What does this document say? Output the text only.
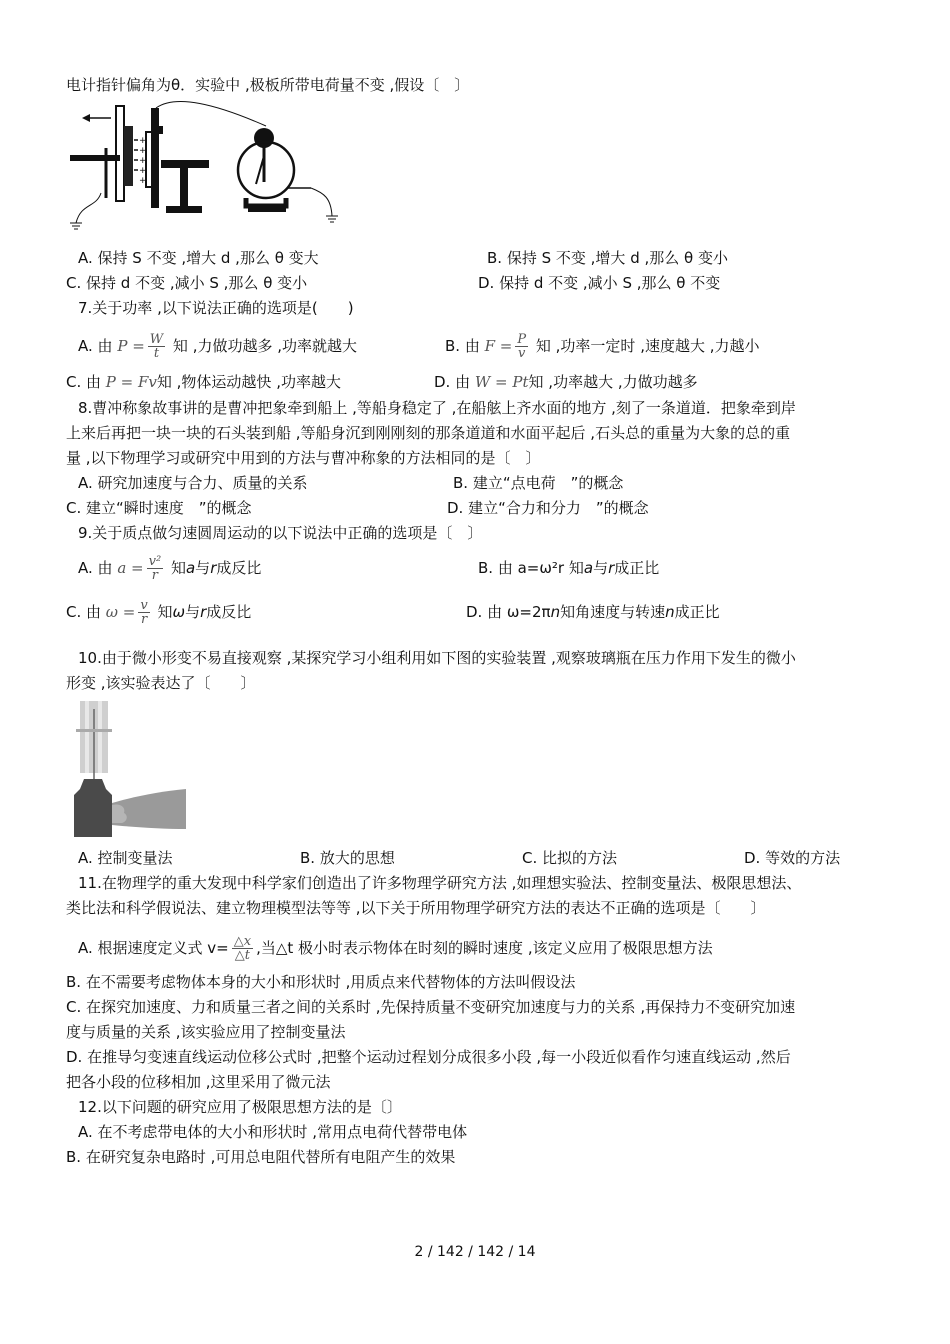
电计指针偏角为θ．实验中 ,极板所带电荷量不变 ,假设〔　〕
+
+
+
+
+
A. 保持 S 不变 ,增大 d ,那么 θ 变大	B. 保持 S 不变 ,增大 d ,那么 θ 变小
C. 保持 d 不变 ,减小 S ,那么 θ 变小	D. 保持 d 不变 ,减小 S ,那么 θ 不变
7.关于功率 ,以下说法正确的选项是(　　)
A. 由 $P = \frac{W}{t}$ 知 ,力做功越多 ,功率就越大	B. 由 $F = \frac{P}{v}$ 知 ,功率一定时 ,速度越大 ,力越小
C. 由 P = Fv知 ,物体运动越快 ,功率越大	D. 由 W = Pt知 ,功率越大 ,力做功越多
8.曹冲称象故事讲的是曹冲把象牵到船上 ,等船身稳定了 ,在船舷上齐水面的地方 ,刻了一条道道．把象牵到岸
上来后再把一块一块的石头装到船 ,等船身沉到刚刚刻的那条道道和水面平起后 ,石头总的重量为大象的总的重
量 ,以下物理学习或研究中用到的方法与曹冲称象的方法相同的是〔　〕
A. 研究加速度与合力、质量的关系	B. 建立“点电荷　”的概念
C. 建立“瞬时速度　”的概念	D. 建立“合力和分力　”的概念
9.关于质点做匀速圆周运动的以下说法中正确的选项是〔　〕
A. 由 $a = \frac{\text{v²}}{r}$ 知a与r成反比	B. 由 a=ω²r 知a与r成正比
C. 由 $\omega = \frac{v}{r}$ 知ω与r成反比	D. 由 ω=2πn知角速度与转速n成正比
10.由于微小形变不易直接观察 ,某探究学习小组利用如下图的实验装置 ,观察玻璃瓶在压力作用下发生的微小
形变 ,该实验表达了〔　　〕
A. 控制变量法	B. 放大的思想	C. 比拟的方法	D. 等效的方法
11.在物理学的重大发现中科学家们创造出了许多物理学研究方法 ,如理想实验法、控制变量法、极限思想法、
类比法和科学假说法、建立物理模型法等等 ,以下关于所用物理学研究方法的表达不正确的选项是〔　　〕
A. 根据速度定义式 $v= \frac{\triangle x}{\triangle t}$ ,当△t 极小时表示物体在时刻的瞬时速度 ,该定义应用了极限思想方法
B. 在不需要考虑物体本身的大小和形状时 ,用质点来代替物体的方法叫假设法
C. 在探究加速度、力和质量三者之间的关系时 ,先保持质量不变研究加速度与力的关系 ,再保持力不变研究加速
度与质量的关系 ,该实验应用了控制变量法
D. 在推导匀变速直线运动位移公式时 ,把整个运动过程划分成很多小段 ,每一小段近似看作匀速直线运动 ,然后
把各小段的位移相加 ,这里采用了微元法
12.以下问题的研究应用了极限思想方法的是〔〕
A. 在不考虑带电体的大小和形状时 ,常用点电荷代替带电体
B. 在研究复杂电路时 ,可用总电阻代替所有电阻产生的效果
2 / 142 / 142 / 14
